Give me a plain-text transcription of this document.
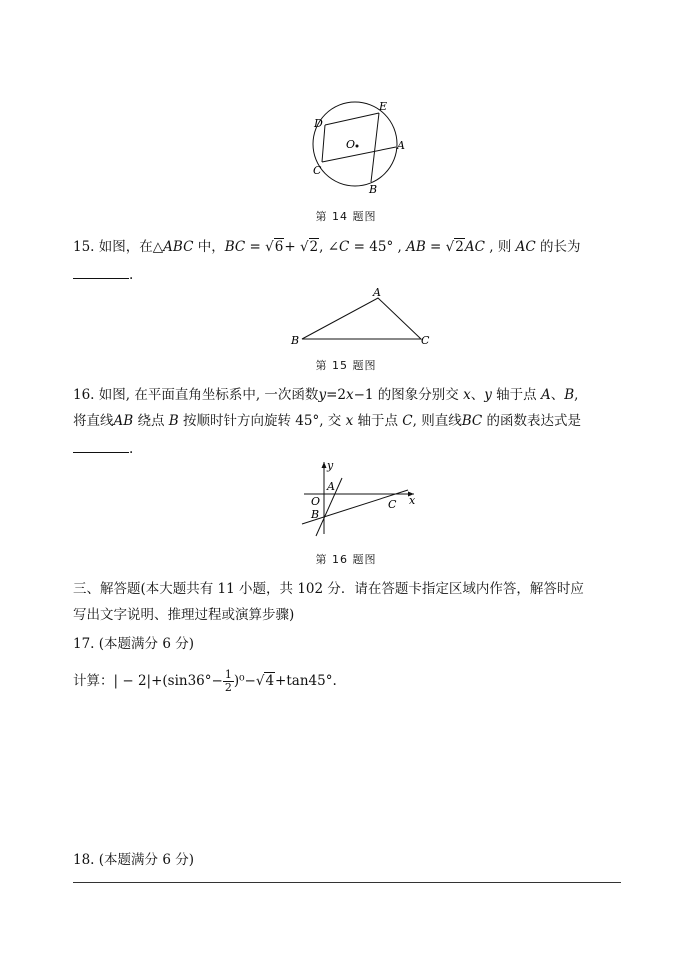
D
E
A
C
B
O
第 14 题图
15. 如图，在△ABC 中，BC = √6+ √2, ∠C = 45° , AB = √2AC , 则 AC 的长为
.
A
B	C
第 15 题图
16. 如图, 在平面直角坐标系中, 一次函数y=2x−1 的图象分别交 x、y 轴于点 A、B,
将直线AB 绕点 B 按顺时针方向旋转 45°, 交 x 轴于点 C, 则直线BC 的函数表达式是
.
y
x
A
O
B
C
第 16 题图
三、解答题(本大题共有 11 小题，共 102 分．请在答题卡指定区域内作答，解答时应
写出文字说明、推理过程或演算步骤)
17. (本题满分 6 分)
计算：| − $2|+(\sin 36^\circ- \frac{1}{2} )^0-√4+\tan 45^\circ$.
18. (本题满分 6 分)
